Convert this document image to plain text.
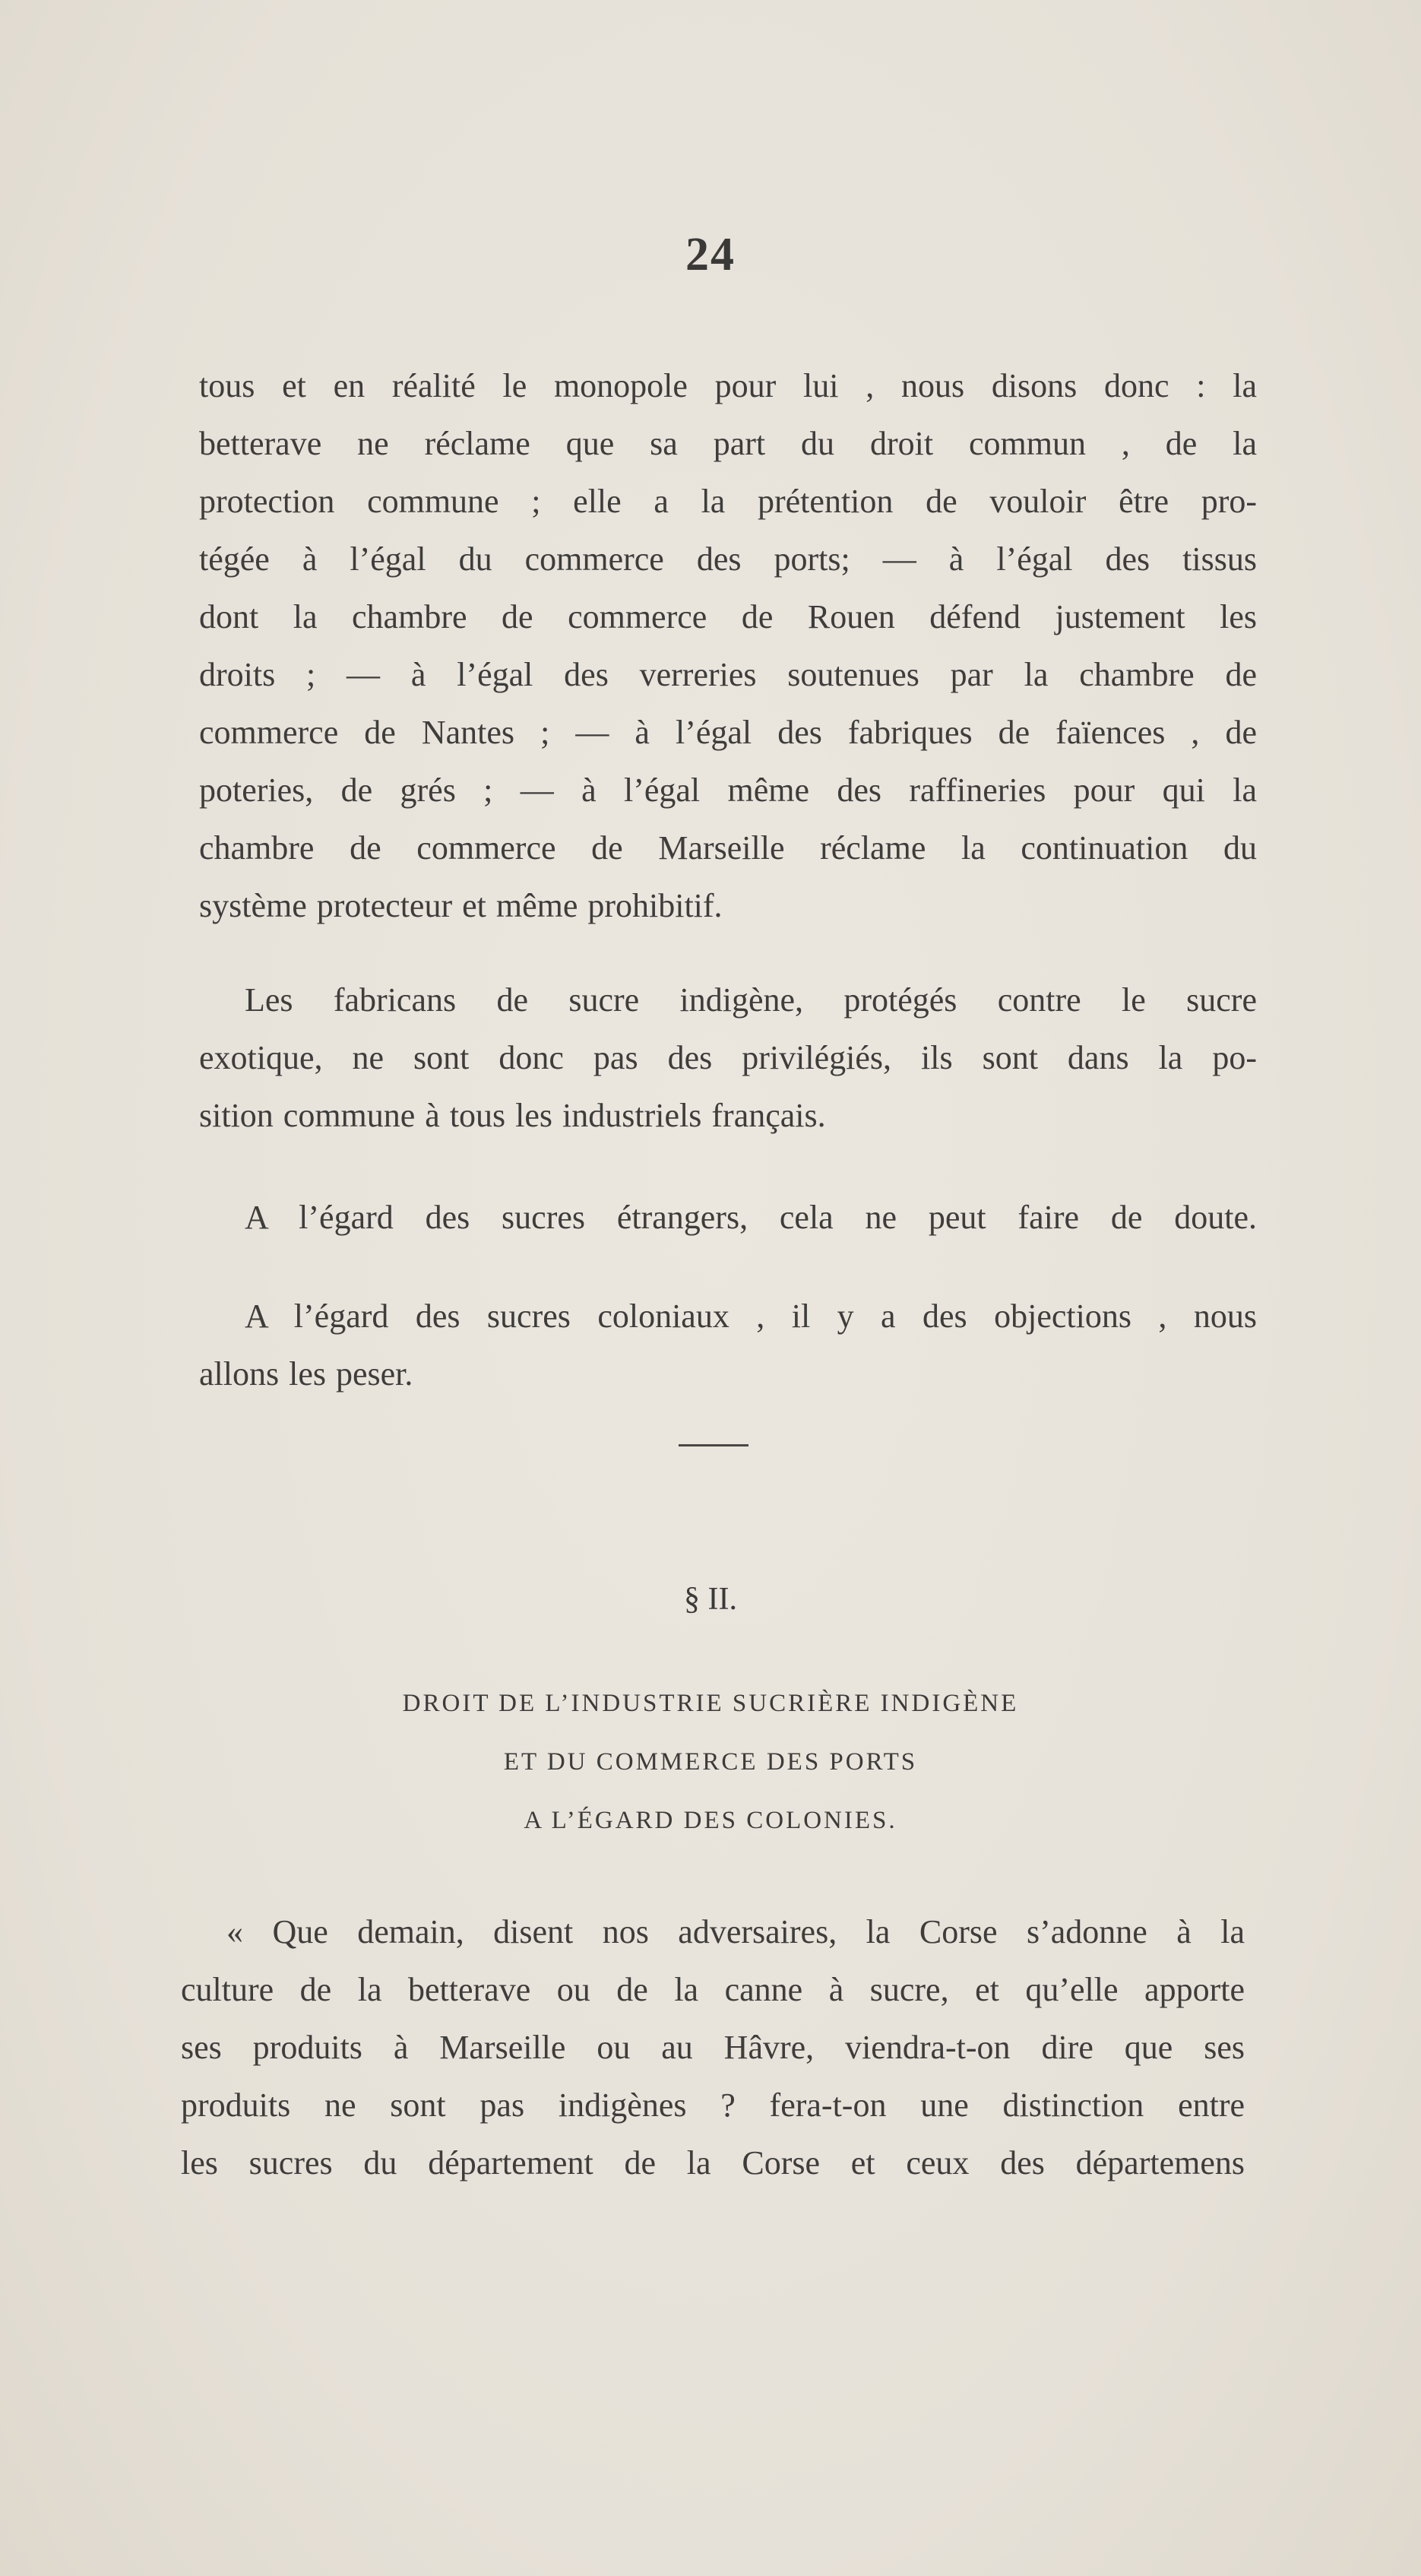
24
tous et en réalité le monopole pour lui , nous disons donc : la
betterave ne réclame que sa part du droit commun , de la
protection commune ; elle a la prétention de vouloir être pro-
tégée à l’égal du commerce des ports; — à l’égal des tissus
dont la chambre de commerce de Rouen défend justement les
droits ; — à l’égal des verreries soutenues par la chambre de
commerce de Nantes ; — à l’égal des fabriques de faïences , de
poteries, de grés ; — à l’égal même des raffineries pour qui la
chambre de commerce de Marseille réclame la continuation du
système protecteur et même prohibitif.
Les fabricans de sucre indigène, protégés contre le sucre
exotique, ne sont donc pas des privilégiés, ils sont dans la po-
sition commune à tous les industriels français.
A l’égard des sucres étrangers, cela ne peut faire de doute.
A l’égard des sucres coloniaux , il y a des objections , nous
allons les peser.
§ II.
DROIT DE L’INDUSTRIE SUCRIÈRE INDIGÈNE
ET DU COMMERCE DES PORTS
A L’ÉGARD DES COLONIES.
« Que demain, disent nos adversaires, la Corse s’adonne à la
culture de la betterave ou de la canne à sucre, et qu’elle apporte
ses produits à Marseille ou au Hâvre, viendra-t-on dire que ses
produits ne sont pas indigènes ? fera-t-on une distinction entre
les sucres du département de la Corse et ceux des départemens
